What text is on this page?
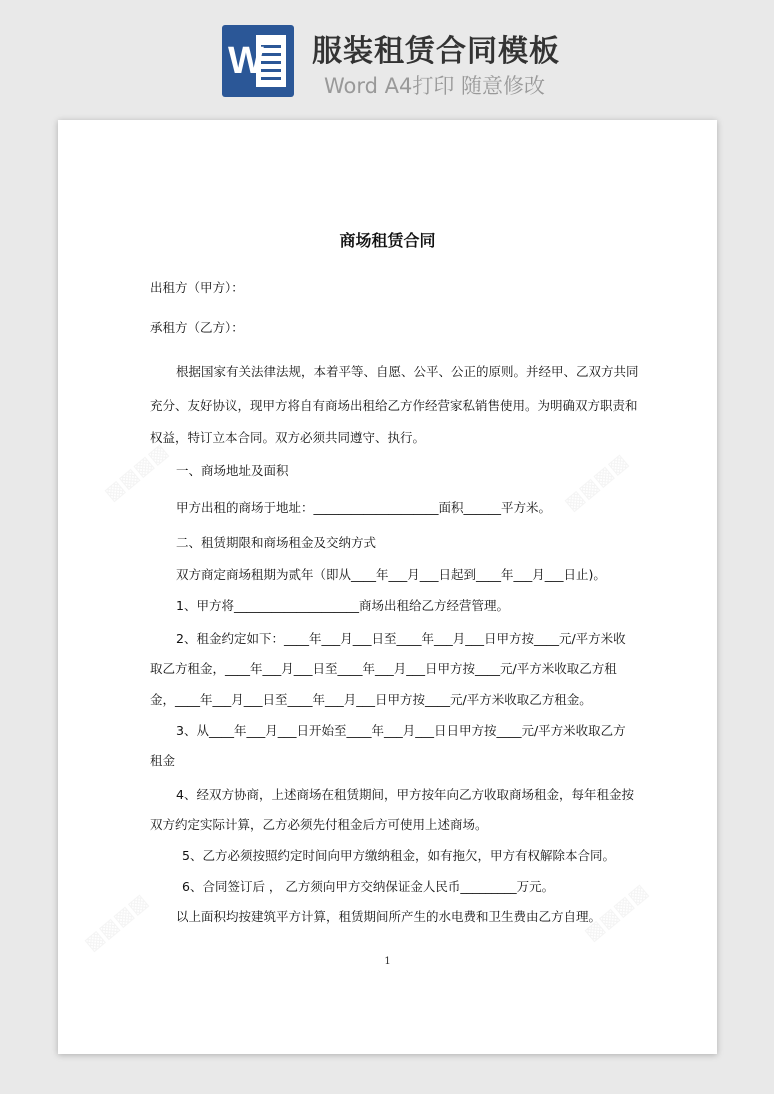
W 服装租赁合同模板
Word A4打印 随意修改
商场租赁合同
出租方（甲方）：
承租方（乙方）：
根据国家有关法律法规，本着平等、自愿、公平、公正的原则。并经甲、乙双方共同
充分、友好协议，现甲方将自有商场出租给乙方作经营家私销售使用。为明确双方职责和
权益，特订立本合同。双方必须共同遵守、执行。
一、商场地址及面积
甲方出租的商场于地址：____________________面积______平方米。
二、租赁期限和商场租金及交纳方式
双方商定商场租期为贰年（即从____年___月___日起到____年___月___日止)。
1、甲方将____________________商场出租给乙方经营管理。
2、租金约定如下：____年___月___日至____年___月___日甲方按____元/平方米收
取乙方租金，____年___月___日至____年___月___日甲方按____元/平方米收取乙方租
金，____年___月___日至____年___月___日甲方按____元/平方米收取乙方租金。
3、从____年___月___日开始至____年___月___日日甲方按____元/平方米收取乙方
租金
4、经双方协商，上述商场在租赁期间，甲方按年向乙方收取商场租金，每年租金按
双方约定实际计算，乙方必须先付租金后方可使用上述商场。
5、乙方必须按照约定时间向甲方缴纳租金，如有拖欠，甲方有权解除本合同。
6、合同签订后 ， 乙方须向甲方交纳保证金人民币_________万元。
以上面积均按建筑平方计算，租赁期间所产生的水电费和卫生费由乙方自理。
1
